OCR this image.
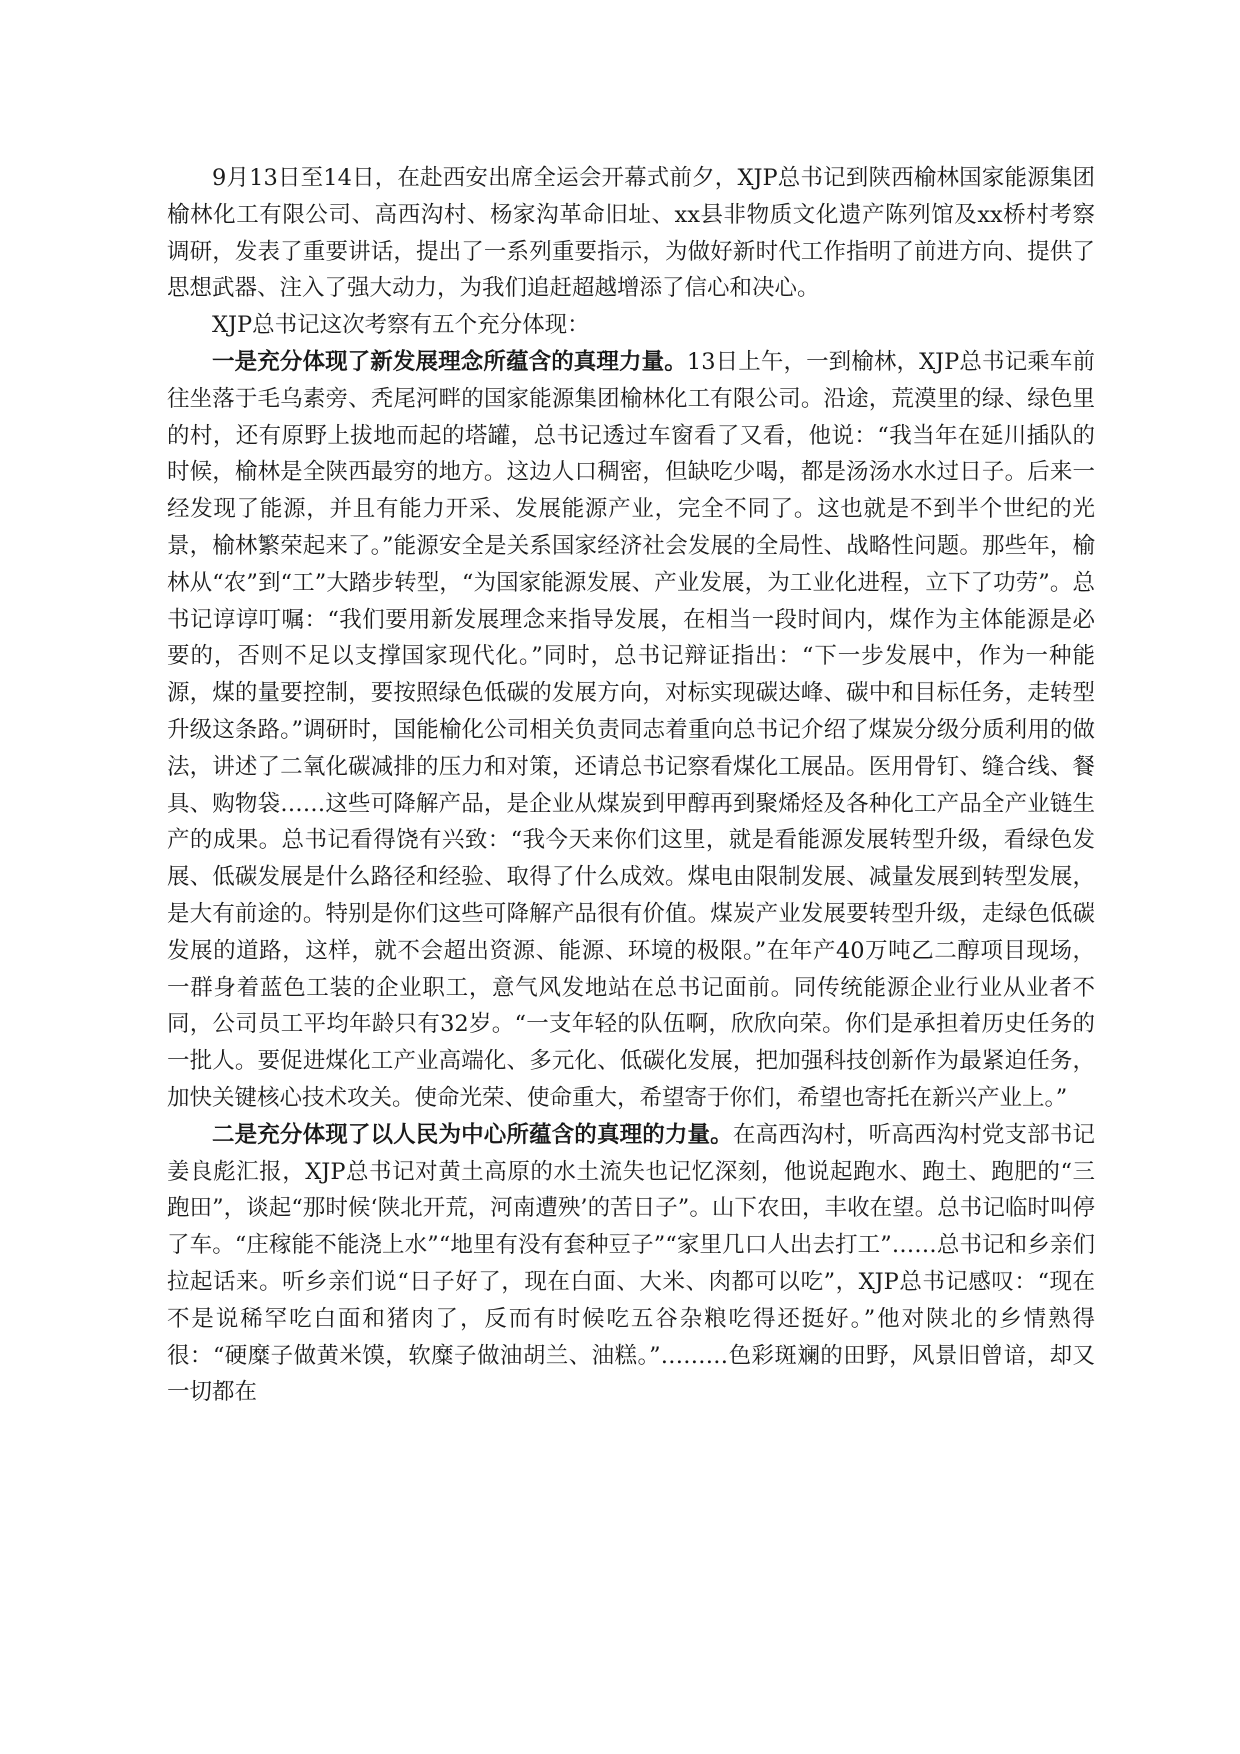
9月13日至14日，在赴西安出席全运会开幕式前夕，XJP总书记到陕西榆林国家能源集团榆林化工有限公司、高西沟村、杨家沟革命旧址、xx县非物质文化遗产陈列馆及xx桥村考察调研，发表了重要讲话，提出了一系列重要指示，为做好新时代工作指明了前进方向、提供了思想武器、注入了强大动力，为我们追赶超越增添了信心和决心。

XJP总书记这次考察有五个充分体现：

一是充分体现了新发展理念所蕴含的真理力量。13日上午，一到榆林，XJP总书记乘车前往坐落于毛乌素旁、秃尾河畔的国家能源集团榆林化工有限公司。沿途，荒漠里的绿、绿色里的村，还有原野上拔地而起的塔罐，总书记透过车窗看了又看，他说：“我当年在延川插队的时候，榆林是全陕西最穷的地方。这边人口稠密，但缺吃少喝，都是汤汤水水过日子。后来一经发现了能源，并且有能力开采、发展能源产业，完全不同了。这也就是不到半个世纪的光景，榆林繁荣起来了。”能源安全是关系国家经济社会发展的全局性、战略性问题。那些年，榆林从“农”到“工”大踏步转型，“为国家能源发展、产业发展，为工业化进程，立下了功劳”。总书记谆谆叮嘱：“我们要用新发展理念来指导发展，在相当一段时间内，煤作为主体能源是必要的，否则不足以支撑国家现代化。”同时，总书记辩证指出：“下一步发展中，作为一种能源，煤的量要控制，要按照绿色低碳的发展方向，对标实现碳达峰、碳中和目标任务，走转型升级这条路。”调研时，国能榆化公司相关负责同志着重向总书记介绍了煤炭分级分质利用的做法，讲述了二氧化碳减排的压力和对策，还请总书记察看煤化工展品。医用骨钉、缝合线、餐具、购物袋……这些可降解产品，是企业从煤炭到甲醇再到聚烯烃及各种化工产品全产业链生产的成果。总书记看得饶有兴致：“我今天来你们这里，就是看能源发展转型升级，看绿色发展、低碳发展是什么路径和经验、取得了什么成效。煤电由限制发展、减量发展到转型发展，是大有前途的。特别是你们这些可降解产品很有价值。煤炭产业发展要转型升级，走绿色低碳发展的道路，这样，就不会超出资源、能源、环境的极限。”在年产40万吨乙二醇项目现场，一群身着蓝色工装的企业职工，意气风发地站在总书记面前。同传统能源企业行业从业者不同，公司员工平均年龄只有32岁。“一支年轻的队伍啊，欣欣向荣。你们是承担着历史任务的一批人。要促进煤化工产业高端化、多元化、低碳化发展，把加强科技创新作为最紧迫任务，加快关键核心技术攻关。使命光荣、使命重大，希望寄于你们，希望也寄托在新兴产业上。”

二是充分体现了以人民为中心所蕴含的真理的力量。在高西沟村，听高西沟村党支部书记姜良彪汇报，XJP总书记对黄土高原的水土流失也记忆深刻，他说起跑水、跑土、跑肥的“三跑田”，谈起“那时候‘陕北开荒，河南遭殃’的苦日子”。山下农田，丰收在望。总书记临时叫停了车。“庄稼能不能浇上水”“地里有没有套种豆子”“家里几口人出去打工”……总书记和乡亲们拉起话来。听乡亲们说“日子好了，现在白面、大米、肉都可以吃”，XJP总书记感叹：“现在不是说稀罕吃白面和猪肉了，反而有时候吃五谷杂粮吃得还挺好。”他对陕北的乡情熟得很：“硬糜子做黄米馍，软糜子做油胡兰、油糕。”………色彩斑斓的田野，风景旧曾谙，却又一切都在
